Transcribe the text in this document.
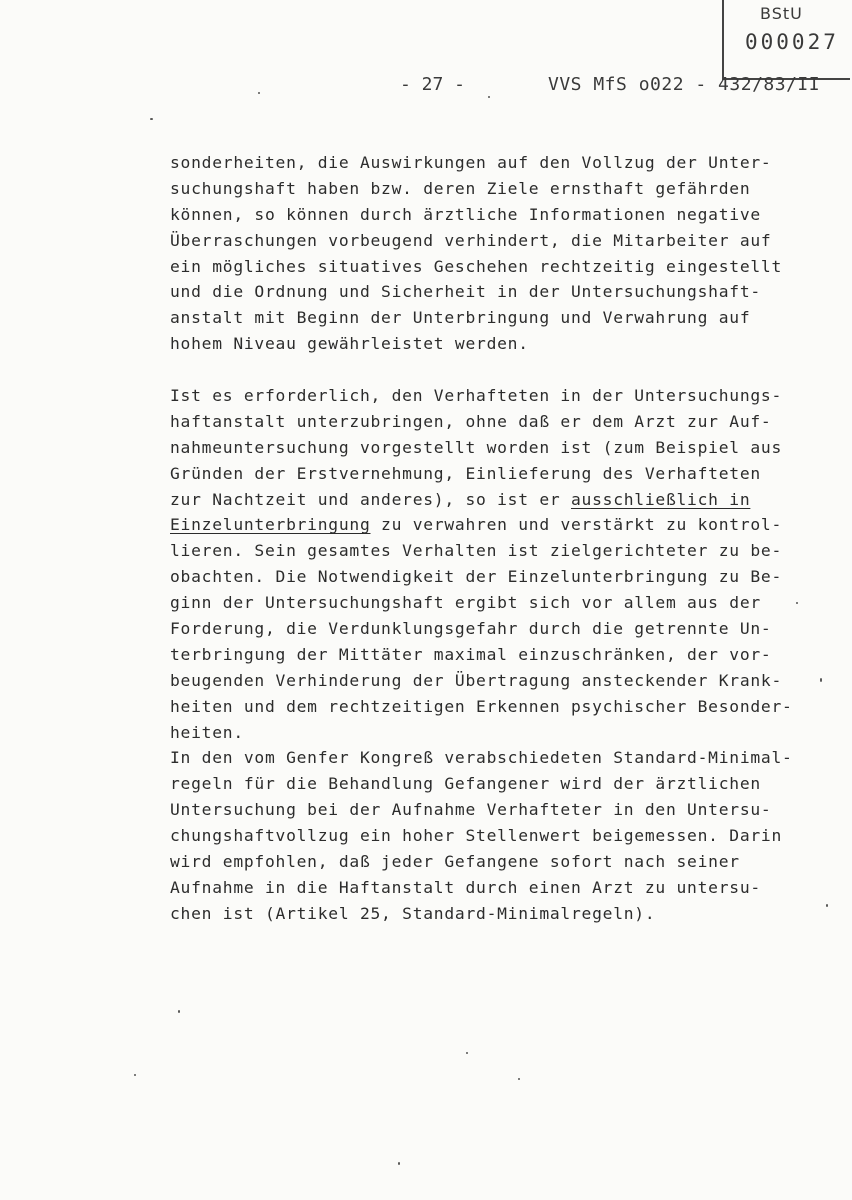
BStU
000027
- 27 -	VVS MfS o022 - 432/83/II
sonderheiten, die Auswirkungen auf den Vollzug der Unter-
suchungshaft haben bzw. deren Ziele ernsthaft gefährden
können, so können durch ärztliche Informationen negative
Überraschungen vorbeugend verhindert, die Mitarbeiter auf
ein mögliches situatives Geschehen rechtzeitig eingestellt
und die Ordnung und Sicherheit in der Untersuchungshaft-
anstalt mit Beginn der Unterbringung und Verwahrung auf
hohem Niveau gewährleistet werden.
Ist es erforderlich, den Verhafteten in der Untersuchungs-
haftanstalt unterzubringen, ohne daß er dem Arzt zur Auf-
nahmeuntersuchung vorgestellt worden ist (zum Beispiel aus
Gründen der Erstvernehmung, Einlieferung des Verhafteten
zur Nachtzeit und anderes), so ist er ausschließlich in
Einzelunterbringung zu verwahren und verstärkt zu kontrol-
lieren. Sein gesamtes Verhalten ist zielgerichteter zu be-
obachten. Die Notwendigkeit der Einzelunterbringung zu Be-
ginn der Untersuchungshaft ergibt sich vor allem aus der
Forderung, die Verdunklungsgefahr durch die getrennte Un-
terbringung der Mittäter maximal einzuschränken, der vor-
beugenden Verhinderung der Übertragung ansteckender Krank-
heiten und dem rechtzeitigen Erkennen psychischer Besonder-
heiten.
In den vom Genfer Kongreß verabschiedeten Standard-Minimal-
regeln für die Behandlung Gefangener wird der ärztlichen
Untersuchung bei der Aufnahme Verhafteter in den Untersu-
chungshaftvollzug ein hoher Stellenwert beigemessen. Darin
wird empfohlen, daß jeder Gefangene sofort nach seiner
Aufnahme in die Haftanstalt durch einen Arzt zu untersu-
chen ist (Artikel 25, Standard-Minimalregeln).
